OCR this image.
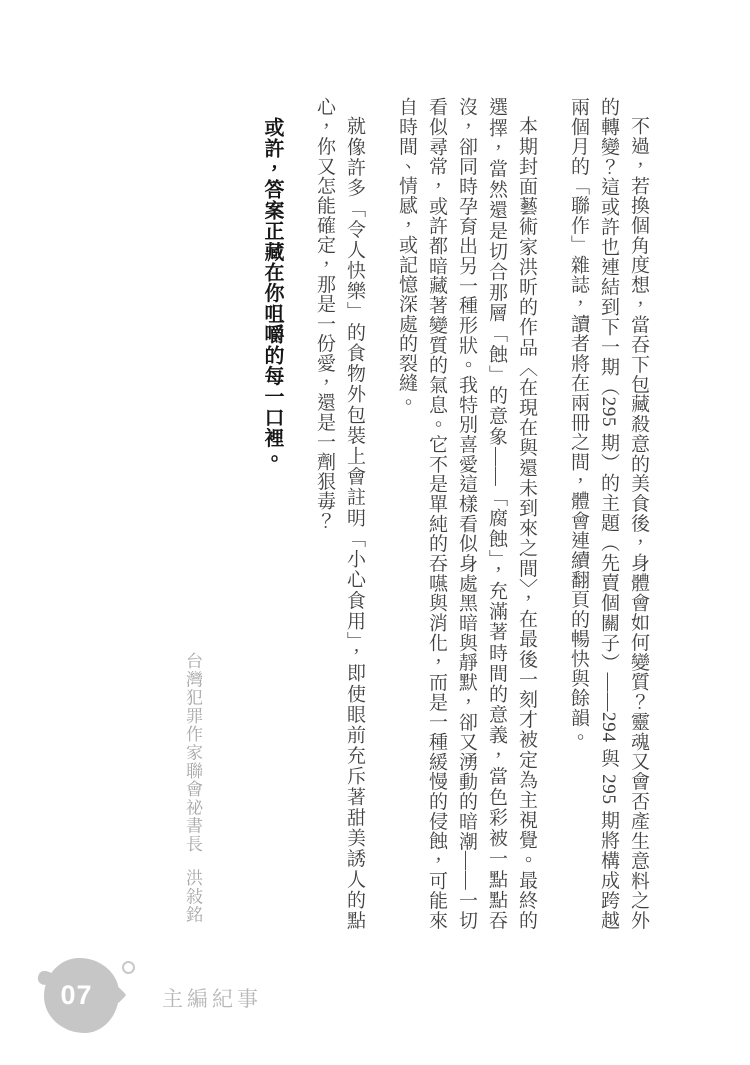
不過，若換個角度想，當吞下包藏殺意的美食後，身體會如何變質？靈魂又會否產生意料之外的轉變？這或許也連結到下一期（295 期）的主題（先賣個關子）——294 與 295 期將構成跨越兩個月的「聯作」雜誌，讀者將在兩冊之間，體會連續翻頁的暢快與餘韻。

本期封面藝術家洪昕的作品〈在現在與還未到來之間〉，在最後一刻才被定為主視覺。最終的選擇，當然還是切合那層「蝕」的意象——「腐蝕」，充滿著時間的意義，當色彩被一點點吞沒，卻同時孕育出另一種形狀。我特別喜愛這樣看似身處黑暗與靜默，卻又湧動的暗潮——一切看似尋常，或許都暗藏著變質的氣息。它不是單純的吞嚥與消化，而是一種緩慢的侵蝕，可能來自時間、情感，或記憶深處的裂縫。

就像許多「令人快樂」的食物外包裝上會註明「小心食用」，即使眼前充斥著甜美誘人的點心，你又怎能確定，那是一份愛，還是一劑狠毒？

或許，答案正藏在你咀嚼的每一口裡。

台灣犯罪作家聯會祕書長洪敍銘
07	主編紀事
